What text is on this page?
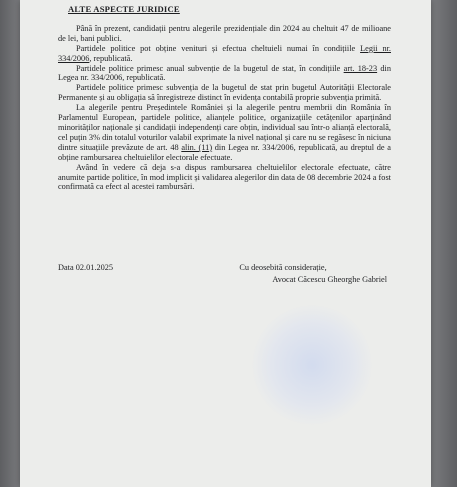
ALTE ASPECTE JURIDICE

Până în prezent, candidații pentru alegerile prezidențiale din 2024 au cheltuit 47 de milioane de lei, bani publici.

Partidele politice pot obține venituri și efectua cheltuieli numai în condițiile Legii nr. 334/2006, republicată.

Partidele politice primesc anual subvenție de la bugetul de stat, în condițiile art. 18-23 din Legea nr. 334/2006, republicată.

Partidele politice primesc subvenția de la bugetul de stat prin bugetul Autorității Electorale Permanente și au obligația să înregistreze distinct în evidența contabilă proprie subvenția primită.

La alegerile pentru Președintele României și la alegerile pentru membrii din România în Parlamentul European, partidele politice, alianțele politice, organizațiile cetățenilor aparținând minorităților naționale și candidații independenți care obțin, individual sau într-o alianță electorală, cel puțin 3% din totalul voturilor valabil exprimate la nivel național și care nu se regăsesc în niciuna dintre situațiile prevăzute de art. 48 alin. (11) din Legea nr. 334/2006, republicată, au dreptul de a obține rambursarea cheltuielilor electorale efectuate.

Având în vedere că deja s-a dispus rambursarea cheltuielilor electorale efectuate, către anumite partide politice, în mod implicit și validarea alegerilor din data de 08 decembrie 2024 a fost confirmată ca efect al acestei rambursări.

Data 02.01.2025	Cu deosebită considerație,
Avocat Căcescu Gheorghe Gabriel
